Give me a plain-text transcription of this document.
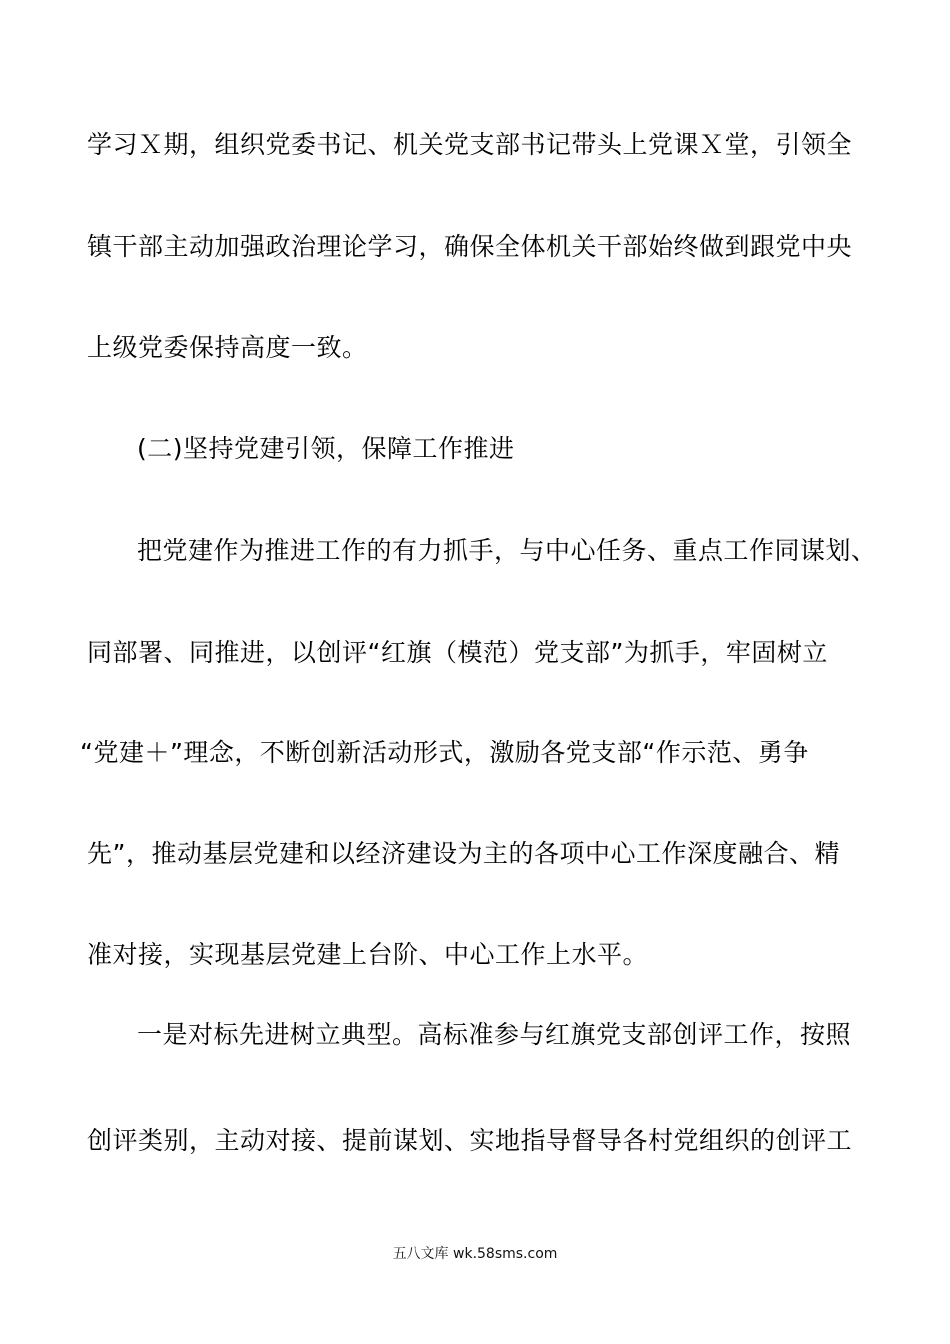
学习Ｘ期，组织党委书记、机关党支部书记带头上党课Ｘ堂，引领全
镇干部主动加强政治理论学习，确保全体机关干部始终做到跟党中央
上级党委保持高度一致。
(二)坚持党建引领，保障工作推进
把党建作为推进工作的有力抓手，与中心任务、重点工作同谋划、
同部署、同推进，以创评“红旗（模范）党支部”为抓手，牢固树立
“党建＋”理念，不断创新活动形式，激励各党支部“作示范、勇争
先”，推动基层党建和以经济建设为主的各项中心工作深度融合、精
准对接，实现基层党建上台阶、中心工作上水平。
一是对标先进树立典型。高标准参与红旗党支部创评工作，按照
创评类别，主动对接、提前谋划、实地指导督导各村党组织的创评工
五八文库 wk.58sms.com
